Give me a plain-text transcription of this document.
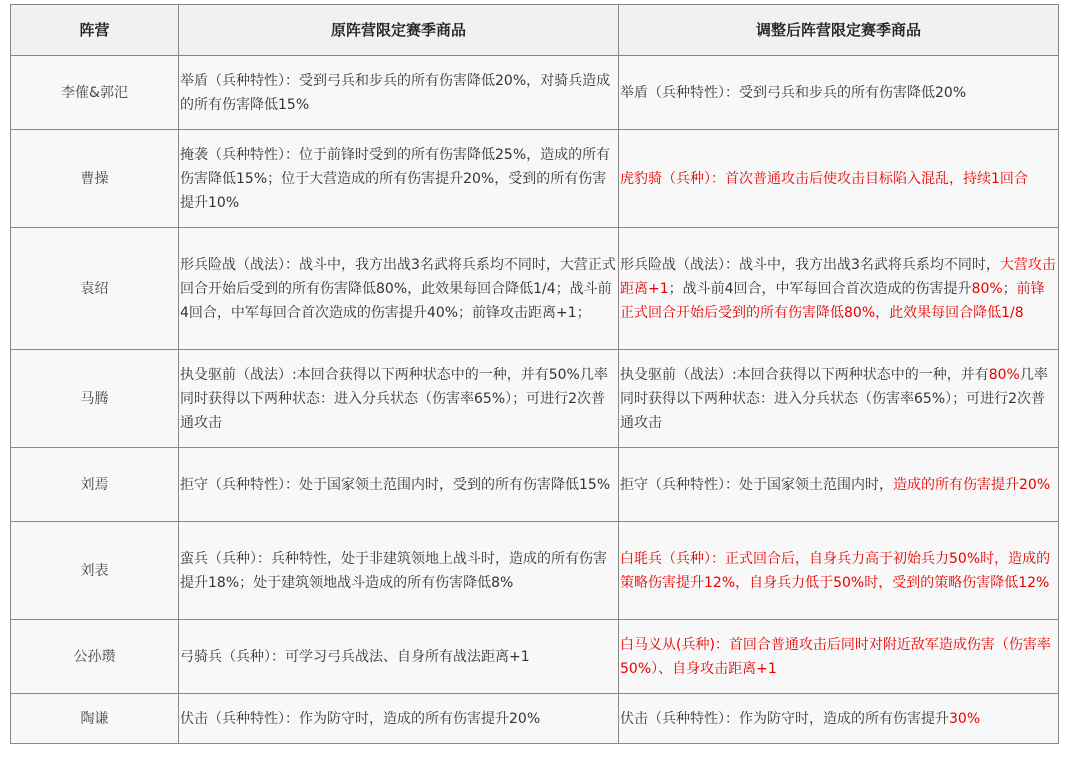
阵营	原阵营限定赛季商品	调整后阵营限定赛季商品
李傕&郭汜	举盾（兵种特性）：受到弓兵和步兵的所有伤害降低20%，对骑兵造成的所有伤害降低15%	举盾（兵种特性）：受到弓兵和步兵的所有伤害降低20%
曹操	掩袭（兵种特性）：位于前锋时受到的所有伤害降低25%，造成的所有伤害降低15%；位于大营造成的所有伤害提升20%，受到的所有伤害提升10%	虎豹骑（兵种）：首次普通攻击后使攻击目标陷入混乱，持续1回合
袁绍	形兵险战（战法）：战斗中，我方出战3名武将兵系均不同时，大营正式回合开始后受到的所有伤害降低80%，此效果每回合降低1/4；战斗前4回合，中军每回合首次造成的伤害提升40%；前锋攻击距离+1；	形兵险战（战法）：战斗中，我方出战3名武将兵系均不同时，大营攻击距离+1；战斗前4回合，中军每回合首次造成的伤害提升80%；前锋正式回合开始后受到的所有伤害降低80%，此效果每回合降低1/8
马腾	执殳驱前（战法）:本回合获得以下两种状态中的一种，并有50%几率同时获得以下两种状态：进入分兵状态（伤害率65%）；可进行2次普通攻击	执殳驱前（战法）:本回合获得以下两种状态中的一种，并有80%几率同时获得以下两种状态：进入分兵状态（伤害率65%）；可进行2次普通攻击
刘焉	拒守（兵种特性）：处于国家领土范围内时，受到的所有伤害降低15%	拒守（兵种特性）：处于国家领土范围内时，造成的所有伤害提升20%
刘表	蛮兵（兵种）：兵种特性，处于非建筑领地上战斗时，造成的所有伤害提升18%；处于建筑领地战斗造成的所有伤害降低8%	白毦兵（兵种）：正式回合后，自身兵力高于初始兵力50%时，造成的策略伤害提升12%，自身兵力低于50%时，受到的策略伤害降低12%
公孙瓒	弓骑兵（兵种）：可学习弓兵战法、自身所有战法距离+1	白马义从(兵种)：首回合普通攻击后同时对附近敌军造成伤害（伤害率50%）、自身攻击距离+1
陶谦	伏击（兵种特性）：作为防守时，造成的所有伤害提升20%	伏击（兵种特性）：作为防守时，造成的所有伤害提升30%
